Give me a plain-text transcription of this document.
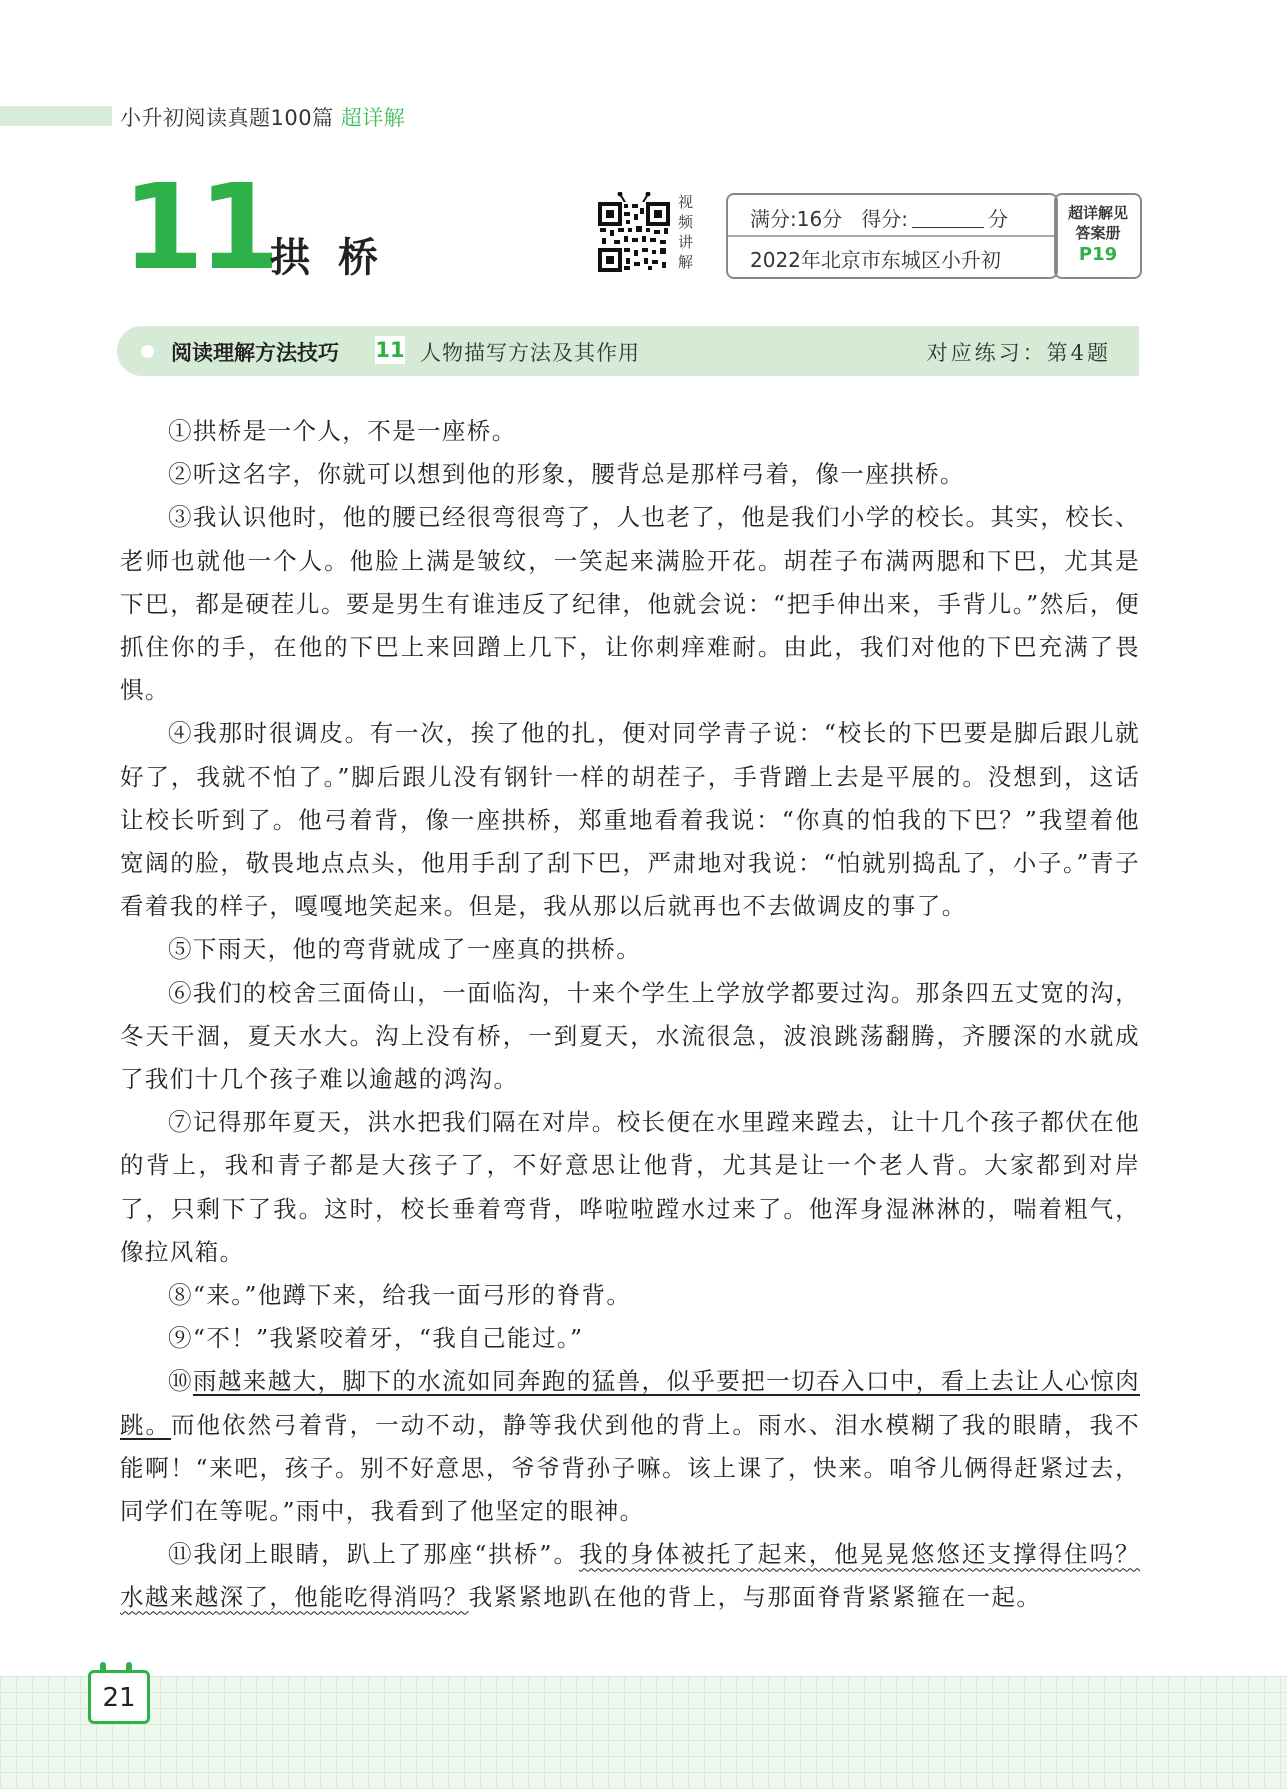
小升初阅读真题100篇 超详解
11
拱桥
视频讲解
满分:16分 得分:	分
2022年北京市东城区小升初
超详解见
答案册
P19
阅读理解方法技巧 11 人物描写方法及其作用	对应练习：第4题

①拱桥是一个人，不是一座桥。

②听这名字，你就可以想到他的形象，腰背总是那样弓着，像一座拱桥。

③我认识他时，他的腰已经很弯很弯了，人也老了，他是我们小学的校长。其实，校长、老师也就他一个人。他脸上满是皱纹，一笑起来满脸开花。胡茬子布满两腮和下巴，尤其是下巴，都是硬茬儿。要是男生有谁违反了纪律，他就会说：“把手伸出来，手背儿。”然后，便抓住你的手，在他的下巴上来回蹭上几下，让你刺痒难耐。由此，我们对他的下巴充满了畏惧。

④我那时很调皮。有一次，挨了他的扎，便对同学青子说：“校长的下巴要是脚后跟儿就好了，我就不怕了。”脚后跟儿没有钢针一样的胡茬子，手背蹭上去是平展的。没想到，这话让校长听到了。他弓着背，像一座拱桥，郑重地看着我说：“你真的怕我的下巴？”我望着他宽阔的脸，敬畏地点点头，他用手刮了刮下巴，严肃地对我说：“怕就别捣乱了，小子。”青子看着我的样子，嘎嘎地笑起来。但是，我从那以后就再也不去做调皮的事了。

⑤下雨天，他的弯背就成了一座真的拱桥。

⑥我们的校舍三面倚山，一面临沟，十来个学生上学放学都要过沟。那条四五丈宽的沟，冬天干涸，夏天水大。沟上没有桥，一到夏天，水流很急，波浪跳荡翻腾，齐腰深的水就成了我们十几个孩子难以逾越的鸿沟。

⑦记得那年夏天，洪水把我们隔在对岸。校长便在水里蹚来蹚去，让十几个孩子都伏在他的背上，我和青子都是大孩子了，不好意思让他背，尤其是让一个老人背。大家都到对岸了，只剩下了我。这时，校长垂着弯背，哗啦啦蹚水过来了。他浑身湿淋淋的，喘着粗气，像拉风箱。

⑧“来。”他蹲下来，给我一面弓形的脊背。

⑨“不！”我紧咬着牙，“我自己能过。”

⑩雨越来越大，脚下的水流如同奔跑的猛兽，似乎要把一切吞入口中，看上去让人心惊肉跳。而他依然弓着背，一动不动，静等我伏到他的背上。雨水、泪水模糊了我的眼睛，我不能啊！“来吧，孩子。别不好意思，爷爷背孙子嘛。该上课了，快来。咱爷儿俩得赶紧过去，同学们在等呢。”雨中，我看到了他坚定的眼神。

⑪我闭上眼睛，趴上了那座“拱桥”。我的身体被托了起来，他晃晃悠悠还支撑得住吗？水越来越深了，他能吃得消吗？我紧紧地趴在他的背上，与那面脊背紧紧箍在一起。

21
